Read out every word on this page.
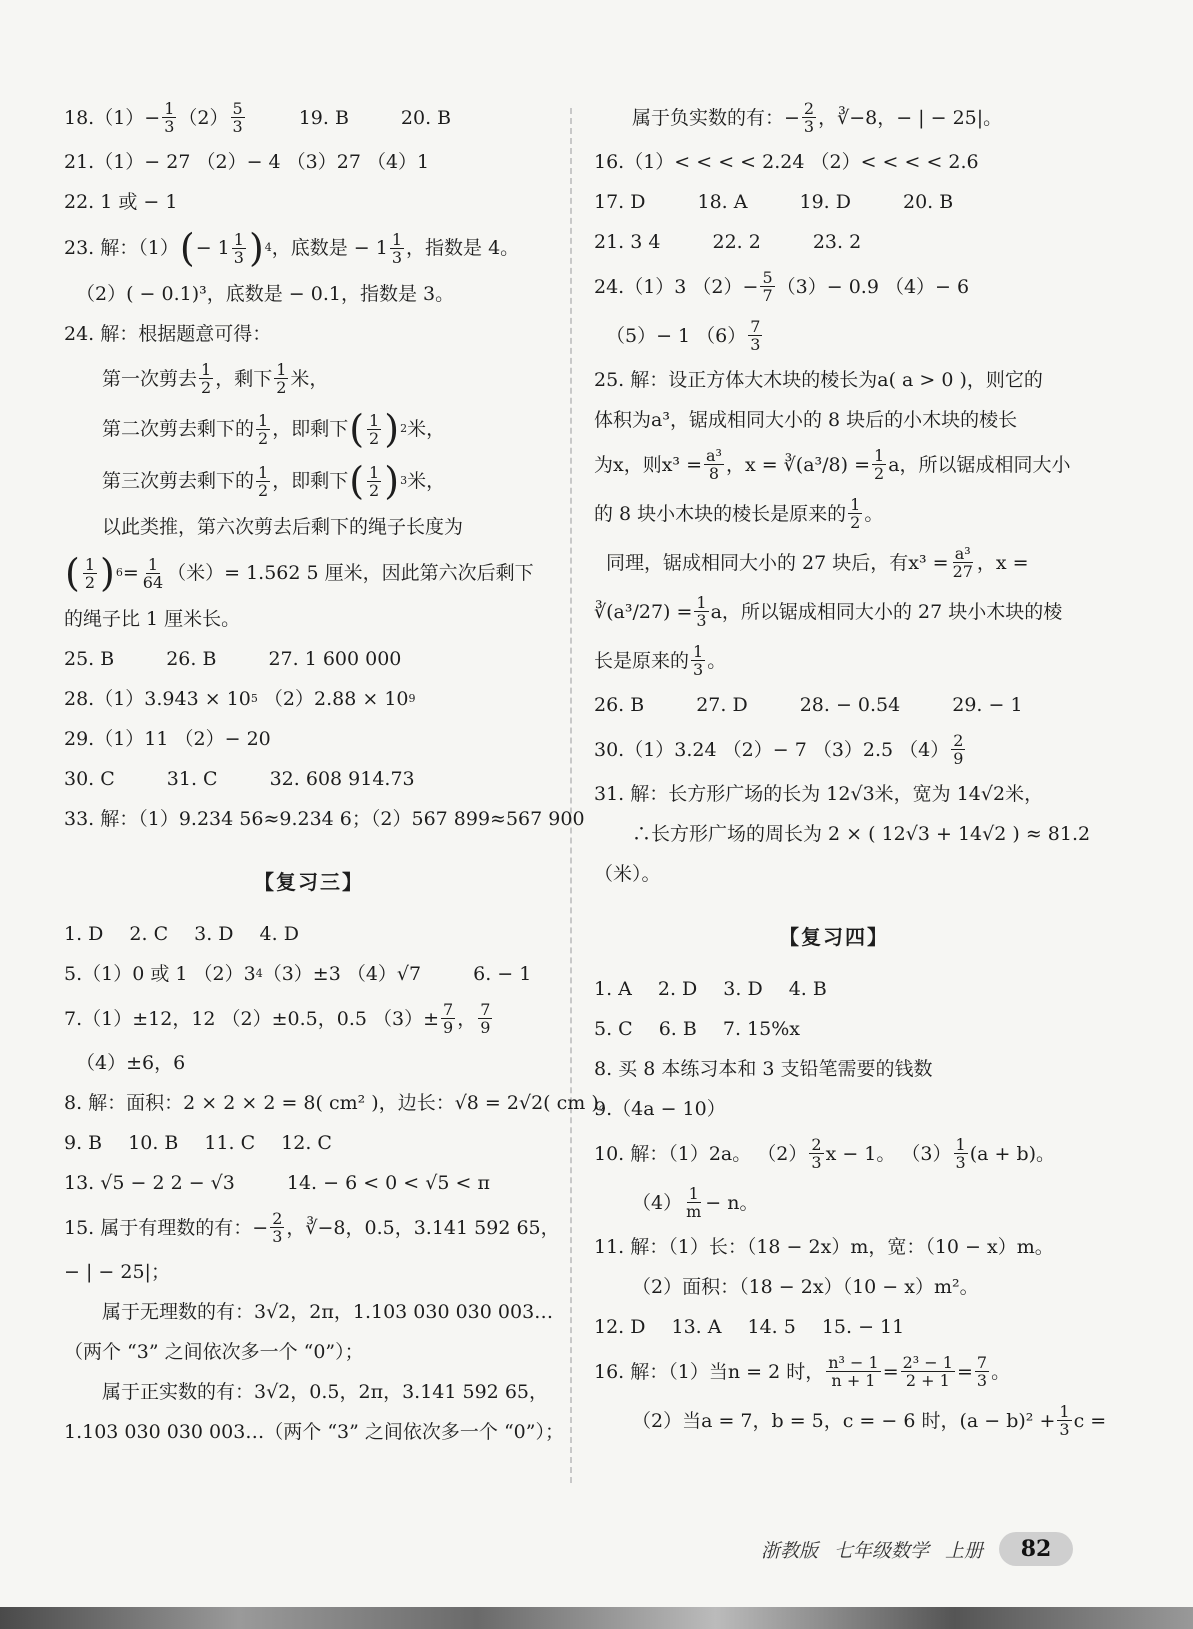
$18.(1)- \frac{1}{3} (2) \frac{5}{3}$	19. B	20. B
21.（1）− 27 （2）− 4 （3）27 （4）1
22. 1 或 − 1
23. 解：（1） ( − $1 \frac{1}{3}$ ) 4 ，底数是 − $1 \frac{1}{3}$ ，指数是 4。
（2）( − 0.1)³，底数是 − 0.1，指数是 3。
24. 解：根据题意可得：
第一次剪去 $\frac{1}{2}$ ，剩下 $\frac{1}{2}$ 米，
第二次剪去剩下的 $\frac{1}{2}$ ，即剩下 ( $\frac{1}{2}$ ) 2 米，
第三次剪去剩下的 $\frac{1}{2}$ ，即剩下 ( $\frac{1}{2}$ ) 3 米，
以此类推，第六次剪去后剩下的绳子长度为
( $\frac{1}{2}$ ) $6 = \frac{1}{64}$ （米）= 1.562 5 厘米，因此第六次后剩下
的绳子比 1 厘米长。
25. B	26. B	27. 1 600 000
28.（1）3.943 × 10 5
（2）2.88 × 10 9
29.（1）11 （2）− 20
30. C	31. C	32. 608 914.73
33. 解：（1）9.234 56≈9.234 6；（2）567 899≈567 900
【复习三】
1. D 2. C 3. D 4. D
5.（1）0 或 1 （2）3 4 （3）±3 （4）√7	6. − 1
7.（1）±12，12 （2）±0.5，0.5 $(3)\pm \frac{7}{9}$ ， $\frac{7}{9}$
（4）±6，6
8. 解：面积：2 × 2 × 2 = 8( cm² )，边长：√8 = 2√2( cm )。
9. B 10. B 11. C 12. C
13. √5 − 2 2 − √3	14. − 6 < 0 < √5 < π
15. 属于有理数的有：− $\frac{2}{3}$ ，∛−8，0.5，3.141 592 65，
− | − 25|；
属于无理数的有：3√2，2π，1.103 030 030 003…
（两个 “3” 之间依次多一个 “0”）；
属于正实数的有：3√2，0.5，2π，3.141 592 65，
1.103 030 030 003…（两个 “3” 之间依次多一个 “0”）；
属于负实数的有：− $\frac{2}{3}$ ，∛−8，− | − 25|。
16.（1）< < < < 2.24 （2）< < < < 2.6
17. D	18. A	19. D	20. B
21. 3 4	22. 2	23. 2
24.（1）3 $(2)- \frac{5}{7} (3)- 0.9$ （4）− 6
（5）− 1 $(6) \frac{7}{3}$
25. 解：设正方体大木块的棱长为a( a > 0 )，则它的
体积为a³，锯成相同大小的 8 块后的小木块的棱长
为x，则$x^3 = \frac{\text{a³}}{8}$ ，x = ∛(a³/8) = $\frac{1}{2}$ a，所以锯成相同大小
的 8 块小木块的棱长是原来的 $\frac{1}{2}$ 。
同理，锯成相同大小的 27 块后，有$x^3 = \frac{\text{a³}}{27}$ ，x =
∛(a³/27) = $\frac{1}{3}$ a，所以锯成相同大小的 27 块小木块的棱
长是原来的 $\frac{1}{3}$ 。
26. B	27. D	28. − 0.54	29. − 1
30.（1）3.24 （2）− 7 （3）2.5 $(4) \frac{2}{9}$
31. 解：长方形广场的长为 12√3米，宽为 14√2米，
∴长方形广场的周长为 2 × ( 12√3 + 14√2 ) ≈ 81.2
（米）。
【复习四】
1. A 2. D 3. D 4. B
5. C 6. B 7. 15%x
8. 买 8 本练习本和 3 支铅笔需要的钱数
9.（4a − 10）
10. 解：（1）2a。 $(2) \frac{2}{3}$ x − 1。 $(3) \frac{1}{3} (a + b)$。
$(4) \frac{1}{m} - n$。
11. 解：（1）长：（18 − 2x）m，宽：（10 − x）m。
（2）面积：（18 − 2x）（10 − x）m²。
12. D 13. A 14. 5 15. − 11
16. 解：（1）当n = 2 时， $\frac{\text{n³ − 1}}{n + 1} = \frac{\text{2³ − 1}}{2 + 1} = \frac{7}{3}$ 。
（2）当a = 7，b = 5，c = − 6 时，$(a - b)^2 + \frac{1}{3}$ c =
浙教版 七年级数学 上册	82
